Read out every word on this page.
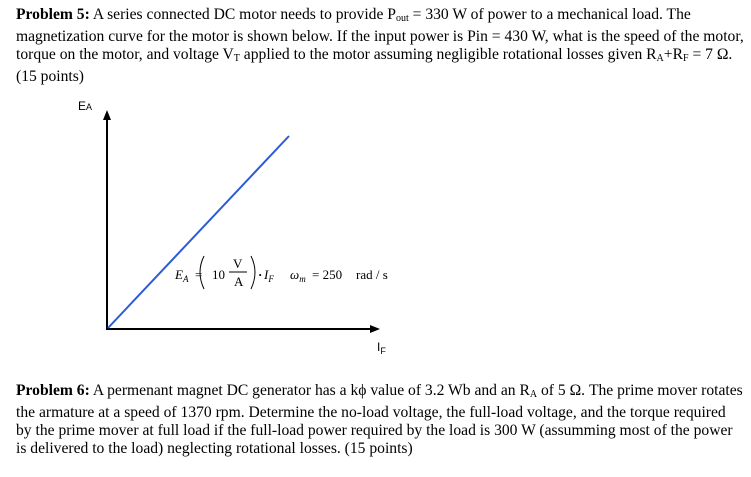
Problem 5: A series connected DC motor needs to provide $P_{out} = 330$ W of power to a mechanical load. The magnetization curve for the motor is shown below. If the input power is Pin = 430 W, what is the speed of the motor, torque on the motor, and voltage $V_T$ applied to the motor assuming negligible rotational losses given $R_A+R_F = 7$ Ω. (15 points)

EA
$I_F$
$E_A = 10$
V
$A \cdot I_F$ $\omega_m = 250$ rad / s

Problem 6: A permenant magnet DC generator has a kϕ value of 3.2 Wb and an $R_A$ of 5 Ω. The prime mover rotates the armature at a speed of 1370 rpm. Determine the no-load voltage, the full-load voltage, and the torque required by the prime mover at full load if the full-load power required by the load is 300 W (assumming most of the power is delivered to the load) neglecting rotational losses. (15 points)
